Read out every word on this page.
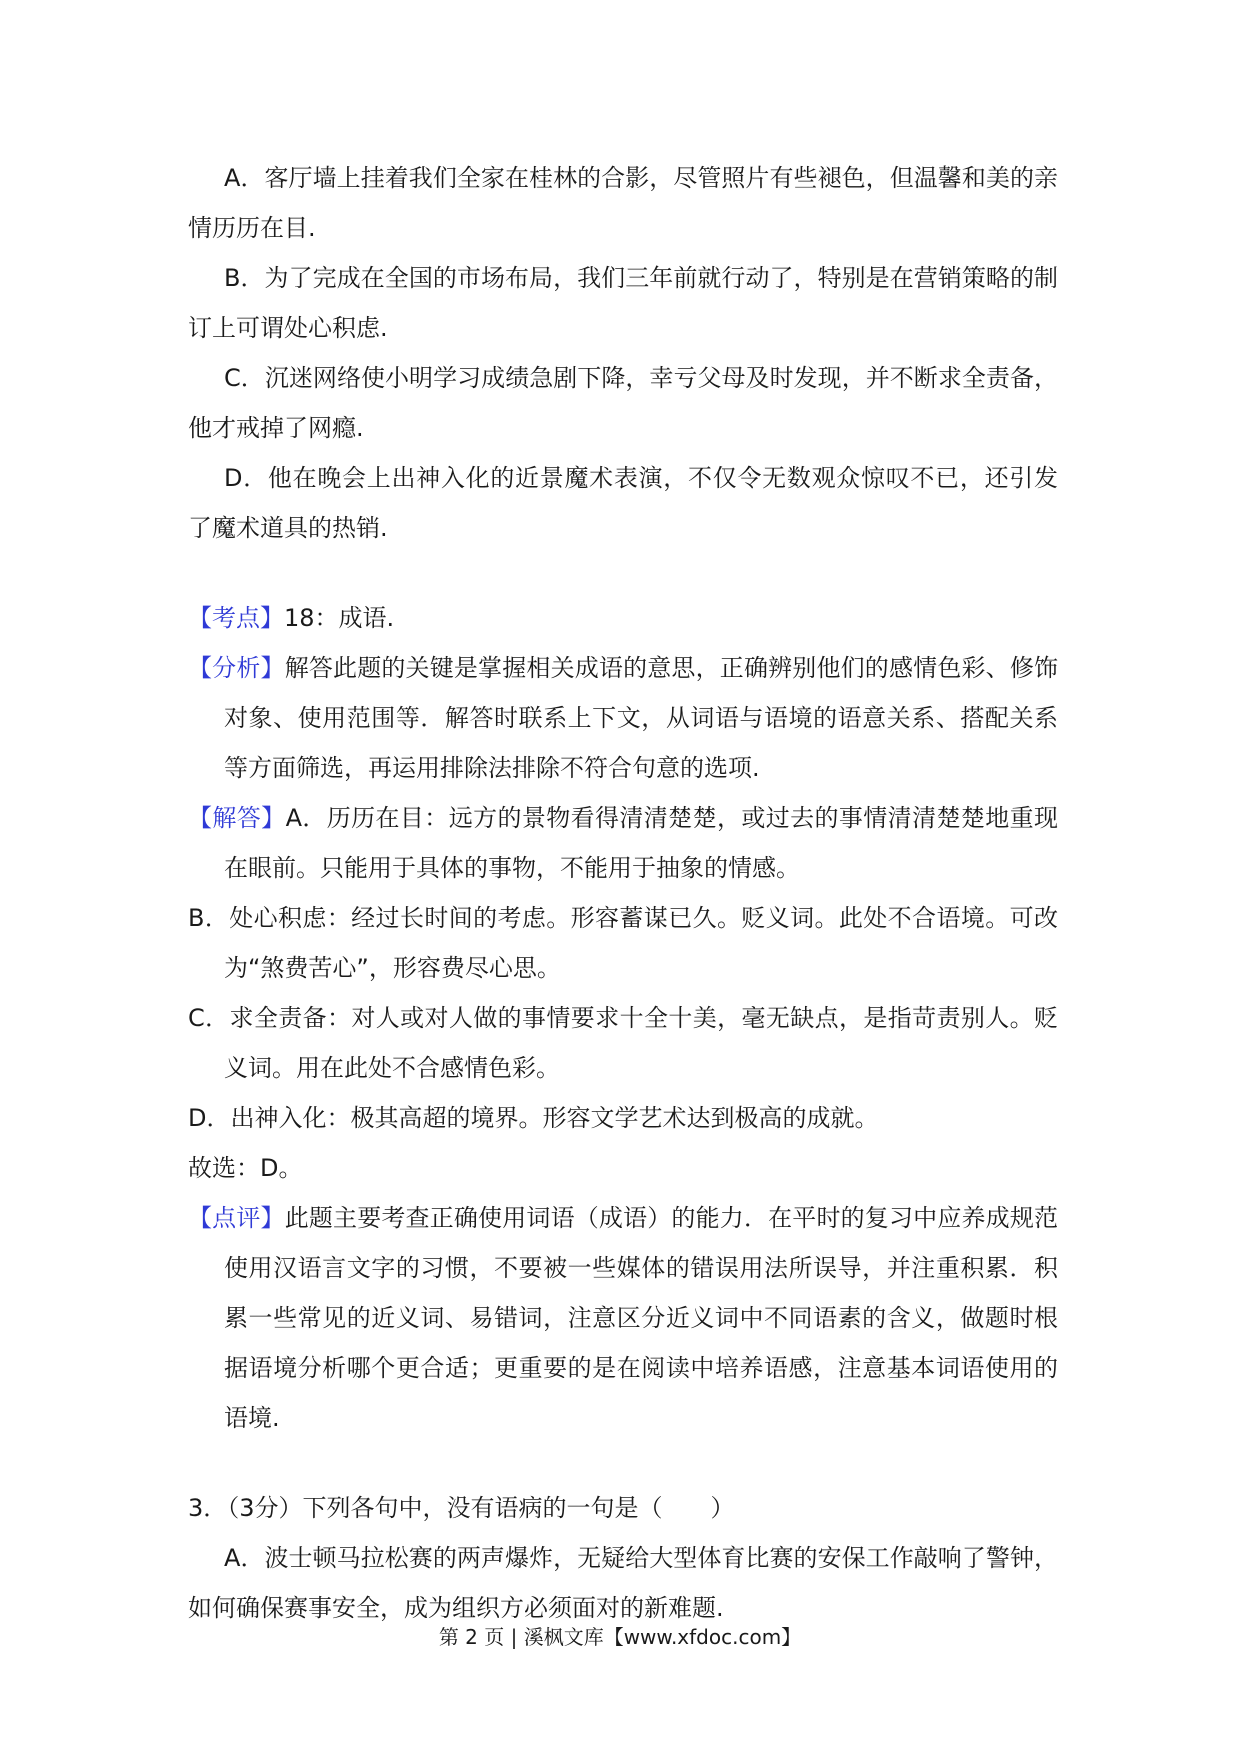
A．客厅墙上挂着我们全家在桂林的合影，尽管照片有些褪色，但温馨和美的亲情历历在目.

B．为了完成在全国的市场布局，我们三年前就行动了，特别是在营销策略的制订上可谓处心积虑.

C．沉迷网络使小明学习成绩急剧下降，幸亏父母及时发现，并不断求全责备，他才戒掉了网瘾.

D．他在晚会上出神入化的近景魔术表演，不仅令无数观众惊叹不已，还引发了魔术道具的热销.

【考点】18：成语.

【分析】解答此题的关键是掌握相关成语的意思，正确辨别他们的感情色彩、修饰对象、使用范围等．解答时联系上下文，从词语与语境的语意关系、搭配关系等方面筛选，再运用排除法排除不符合句意的选项.

【解答】A．历历在目：远方的景物看得清清楚楚，或过去的事情清清楚楚地重现在眼前。只能用于具体的事物，不能用于抽象的情感。

B．处心积虑：经过长时间的考虑。形容蓄谋已久。贬义词。此处不合语境。可改为“煞费苦心”，形容费尽心思。

C．求全责备：对人或对人做的事情要求十全十美，毫无缺点，是指苛责别人。贬义词。用在此处不合感情色彩。

D．出神入化：极其高超的境界。形容文学艺术达到极高的成就。

故选：D。

【点评】此题主要考查正确使用词语（成语）的能力．在平时的复习中应养成规范使用汉语言文字的习惯，不要被一些媒体的错误用法所误导，并注重积累．积累一些常见的近义词、易错词，注意区分近义词中不同语素的含义，做题时根据语境分析哪个更合适；更重要的是在阅读中培养语感，注意基本词语使用的语境.

3．（3分）下列各句中，没有语病的一句是（　　）

A．波士顿马拉松赛的两声爆炸，无疑给大型体育比赛的安保工作敲响了警钟，如何确保赛事安全，成为组织方必须面对的新难题.

第 2 页 | 溪枫文库【www.xfdoc.com】
